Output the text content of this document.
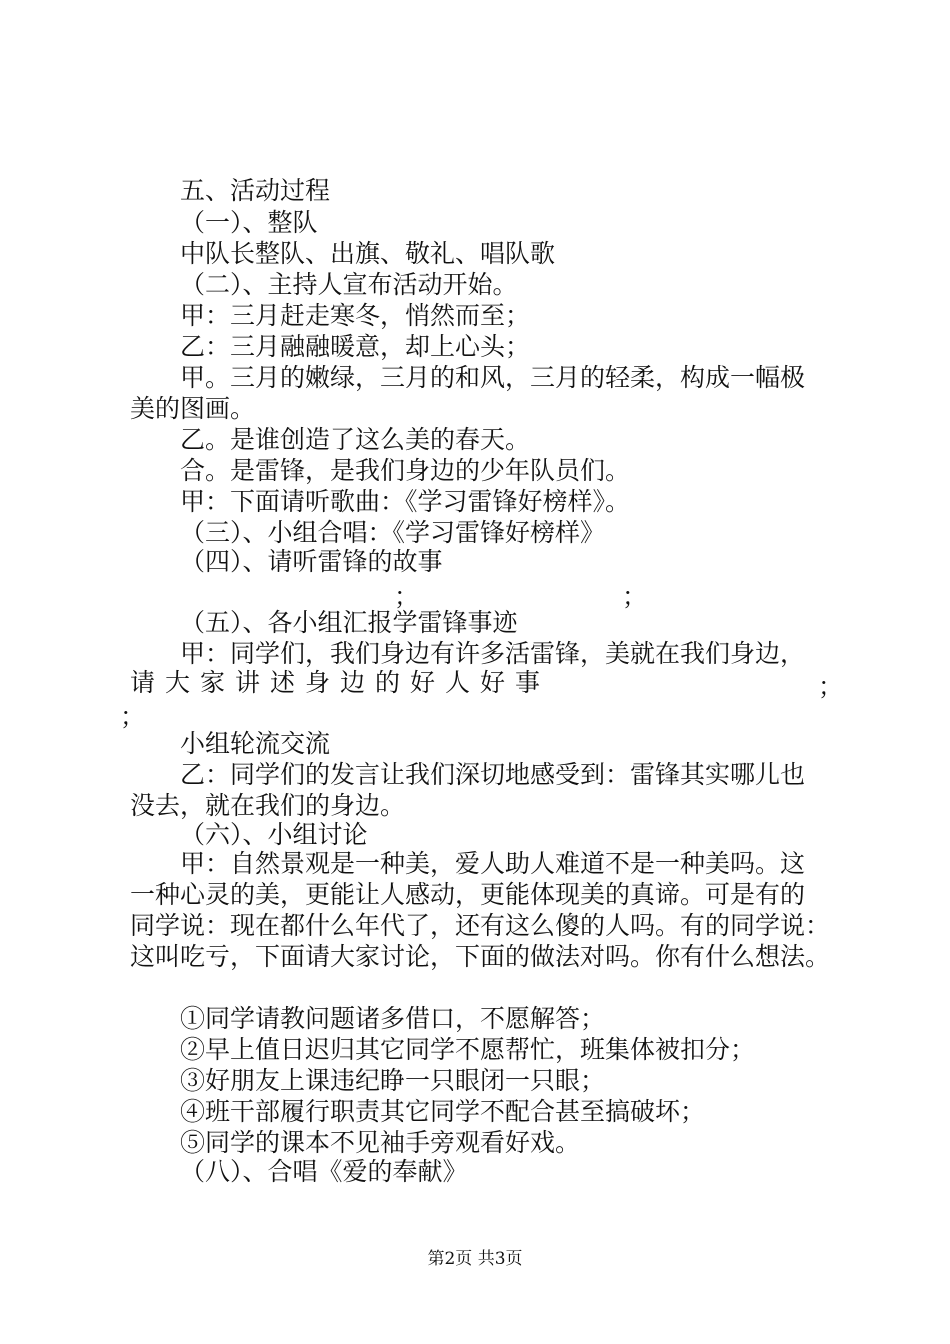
五、活动过程
（一）、整队
中队长整队、出旗、敬礼、唱队歌
（二）、主持人宣布活动开始。
甲：三月赶走寒冬，悄然而至；
乙：三月融融暖意，却上心头；
甲。三月的嫩绿，三月的和风，三月的轻柔，构成一幅极
美的图画。
乙。是谁创造了这么美的春天。
合。是雷锋，是我们身边的少年队员们。
甲：下面请听歌曲：《学习雷锋好榜样》。
（三）、小组合唱：《学习雷锋好榜样》
（四）、请听雷锋的故事
；	；
（五）、各小组汇报学雷锋事迹
甲：同学们，我们身边有许多活雷锋，美就在我们身边，
请大家讲述身边的好人好事	；
；
小组轮流交流
乙：同学们的发言让我们深切地感受到：雷锋其实哪儿也
没去，就在我们的身边。
（六）、小组讨论
甲：自然景观是一种美，爱人助人难道不是一种美吗。这
一种心灵的美，更能让人感动，更能体现美的真谛。可是有的
同学说：现在都什么年代了，还有这么傻的人吗。有的同学说：
这叫吃亏，下面请大家讨论，下面的做法对吗。你有什么想法。
①同学请教问题诸多借口，不愿解答；
②早上值日迟归其它同学不愿帮忙，班集体被扣分；
③好朋友上课违纪睁一只眼闭一只眼；
④班干部履行职责其它同学不配合甚至搞破坏；
⑤同学的课本不见袖手旁观看好戏。
（八）、合唱《爱的奉献》
第2页 共3页
